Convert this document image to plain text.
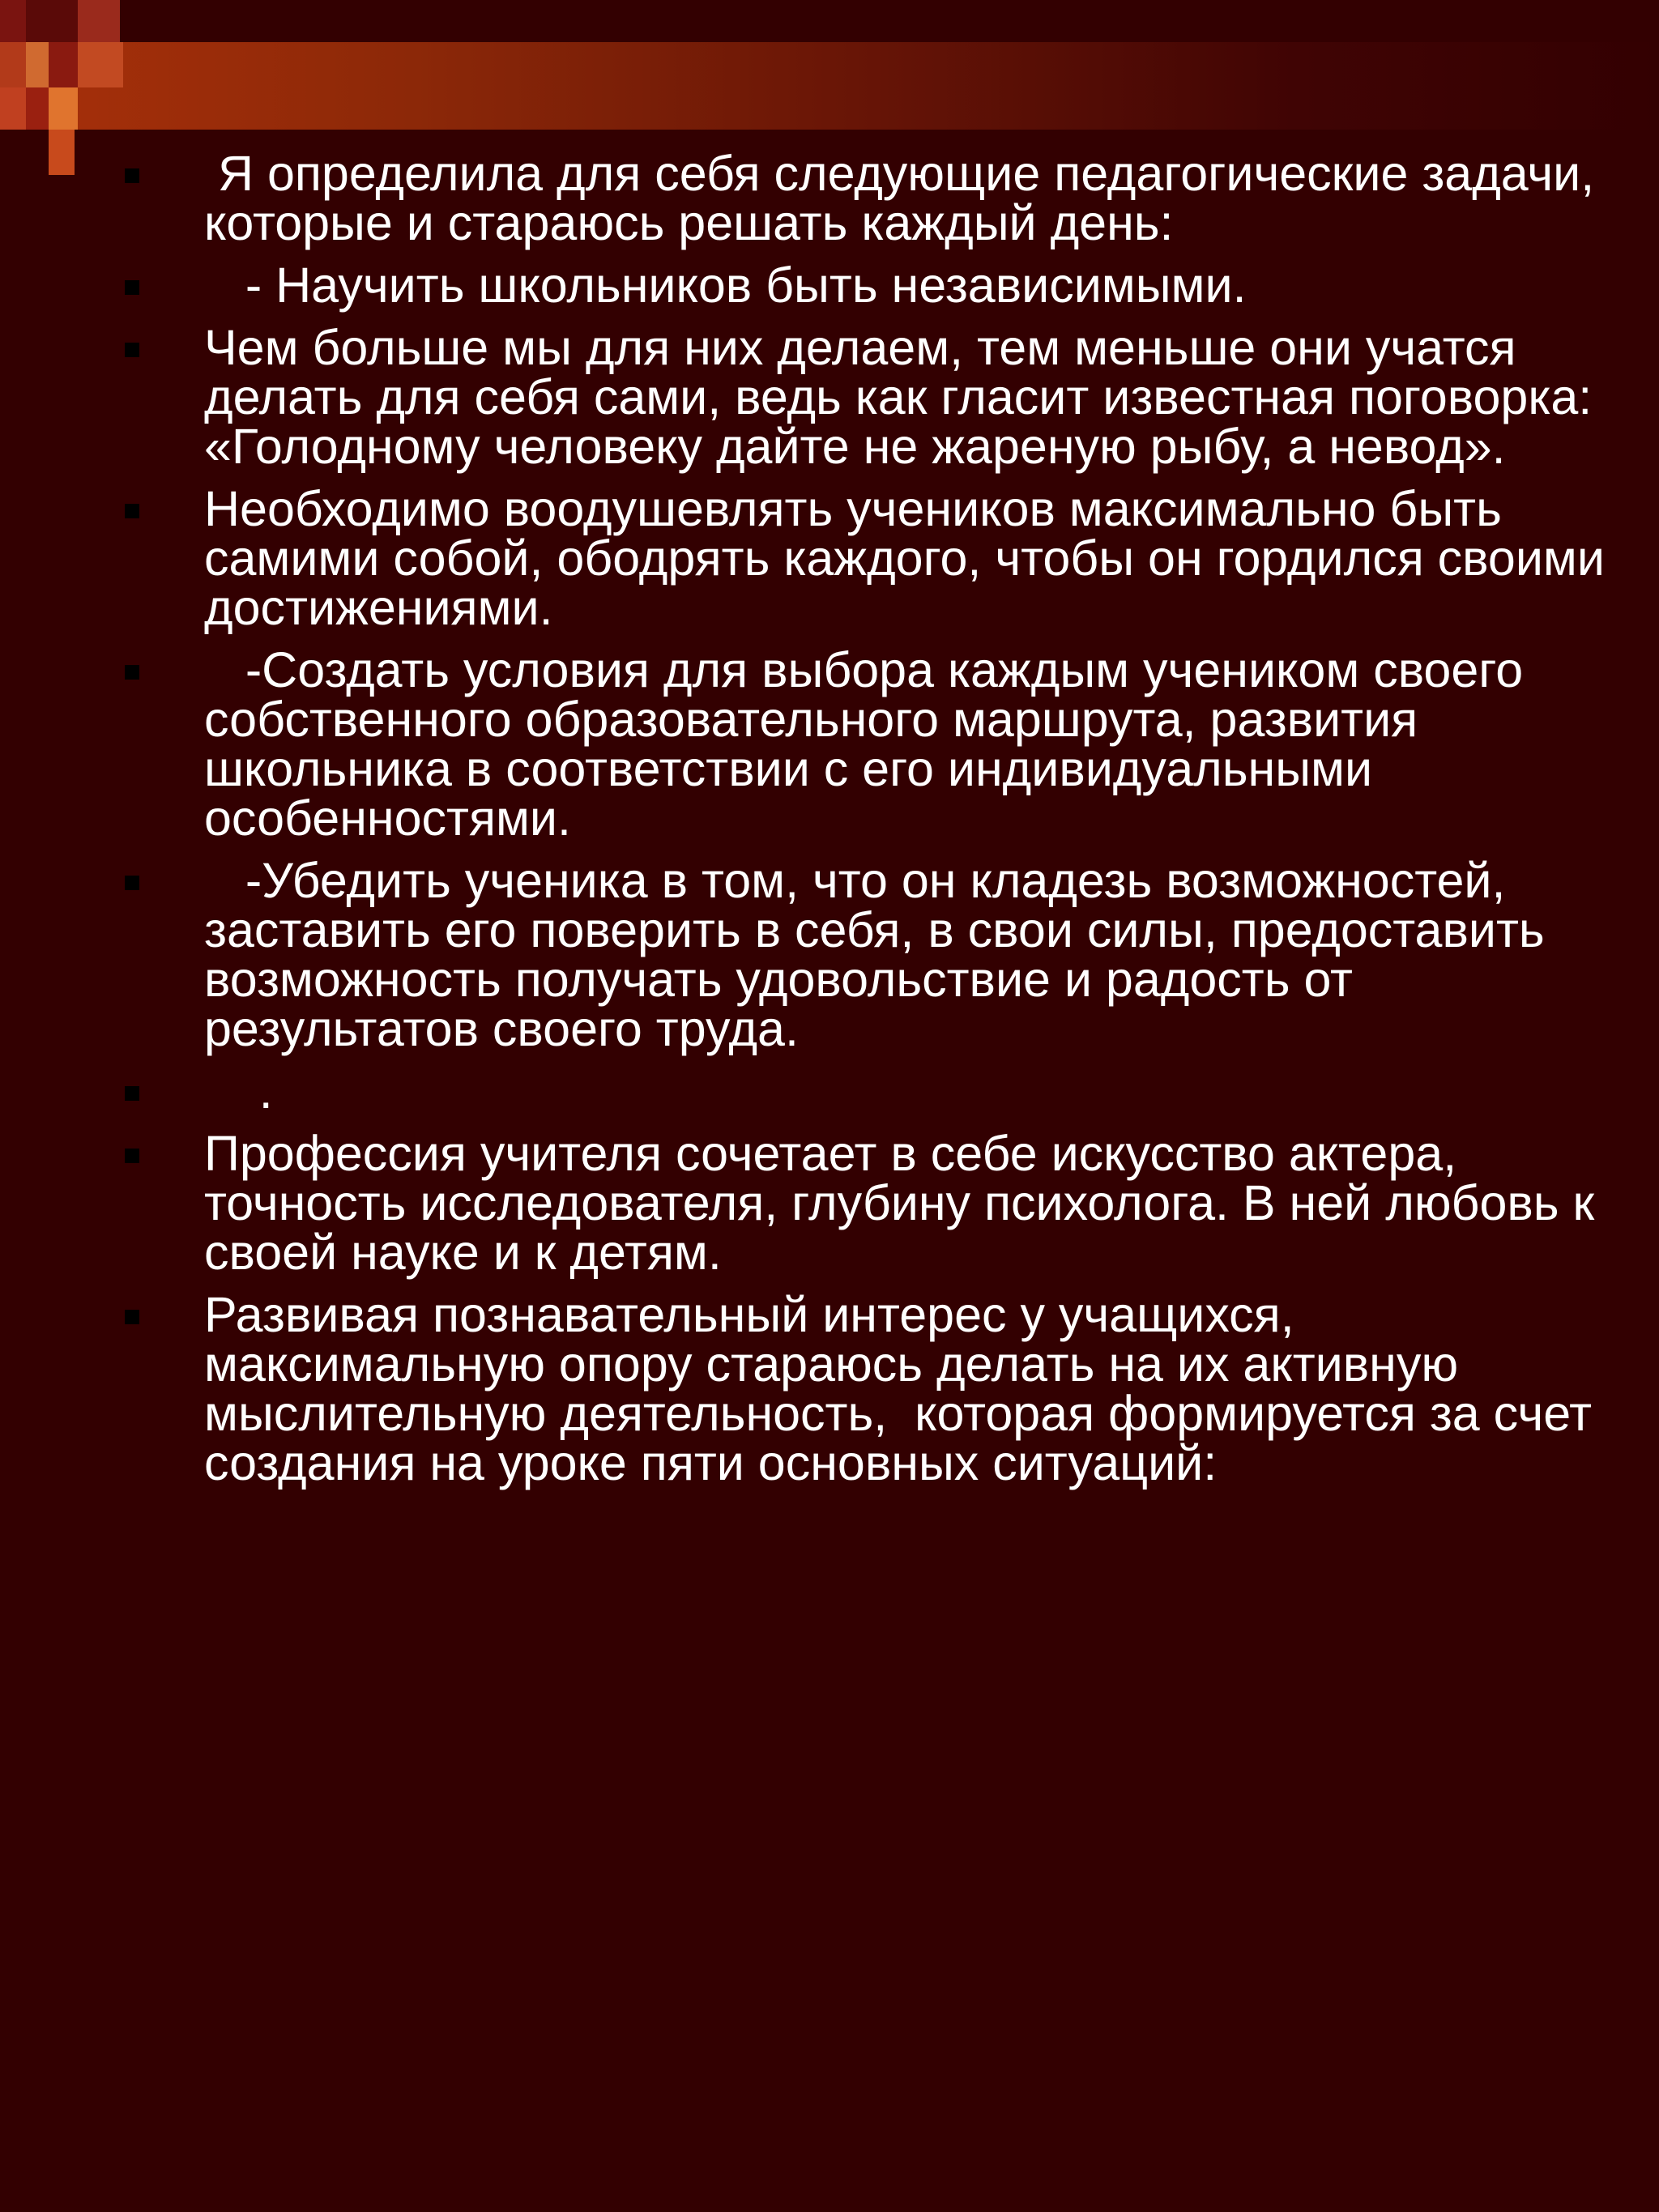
Я определила для себя следующие педагогические задачи, которые и стараюсь решать каждый день:
- Научить школьников быть независимыми.
Чем больше мы для них делаем, тем меньше они учатся делать для себя сами, ведь как гласит известная поговорка: «Голодному человеку дайте не жареную рыбу, а невод».
Необходимо воодушевлять учеников максимально быть самими собой, ободрять каждого, чтобы он гордился своими достижениями.
-Создать условия для выбора каждым учеником своего собственного образовательного маршрута, развития школьника в соответствии с его индивидуальными особенностями.
-Убедить ученика в том, что он кладезь возможностей, заставить его поверить в себя, в свои силы, предоставить возможность получать удовольствие и радость от результатов своего труда.
.
Профессия учителя сочетает в себе искусство актера, точность исследователя, глубину психолога. В ней любовь к своей науке и к детям.
Развивая познавательный интерес у учащихся, максимальную опору стараюсь делать на их активную мыслительную деятельность,  которая формируется за счет создания на уроке пяти основных ситуаций:
